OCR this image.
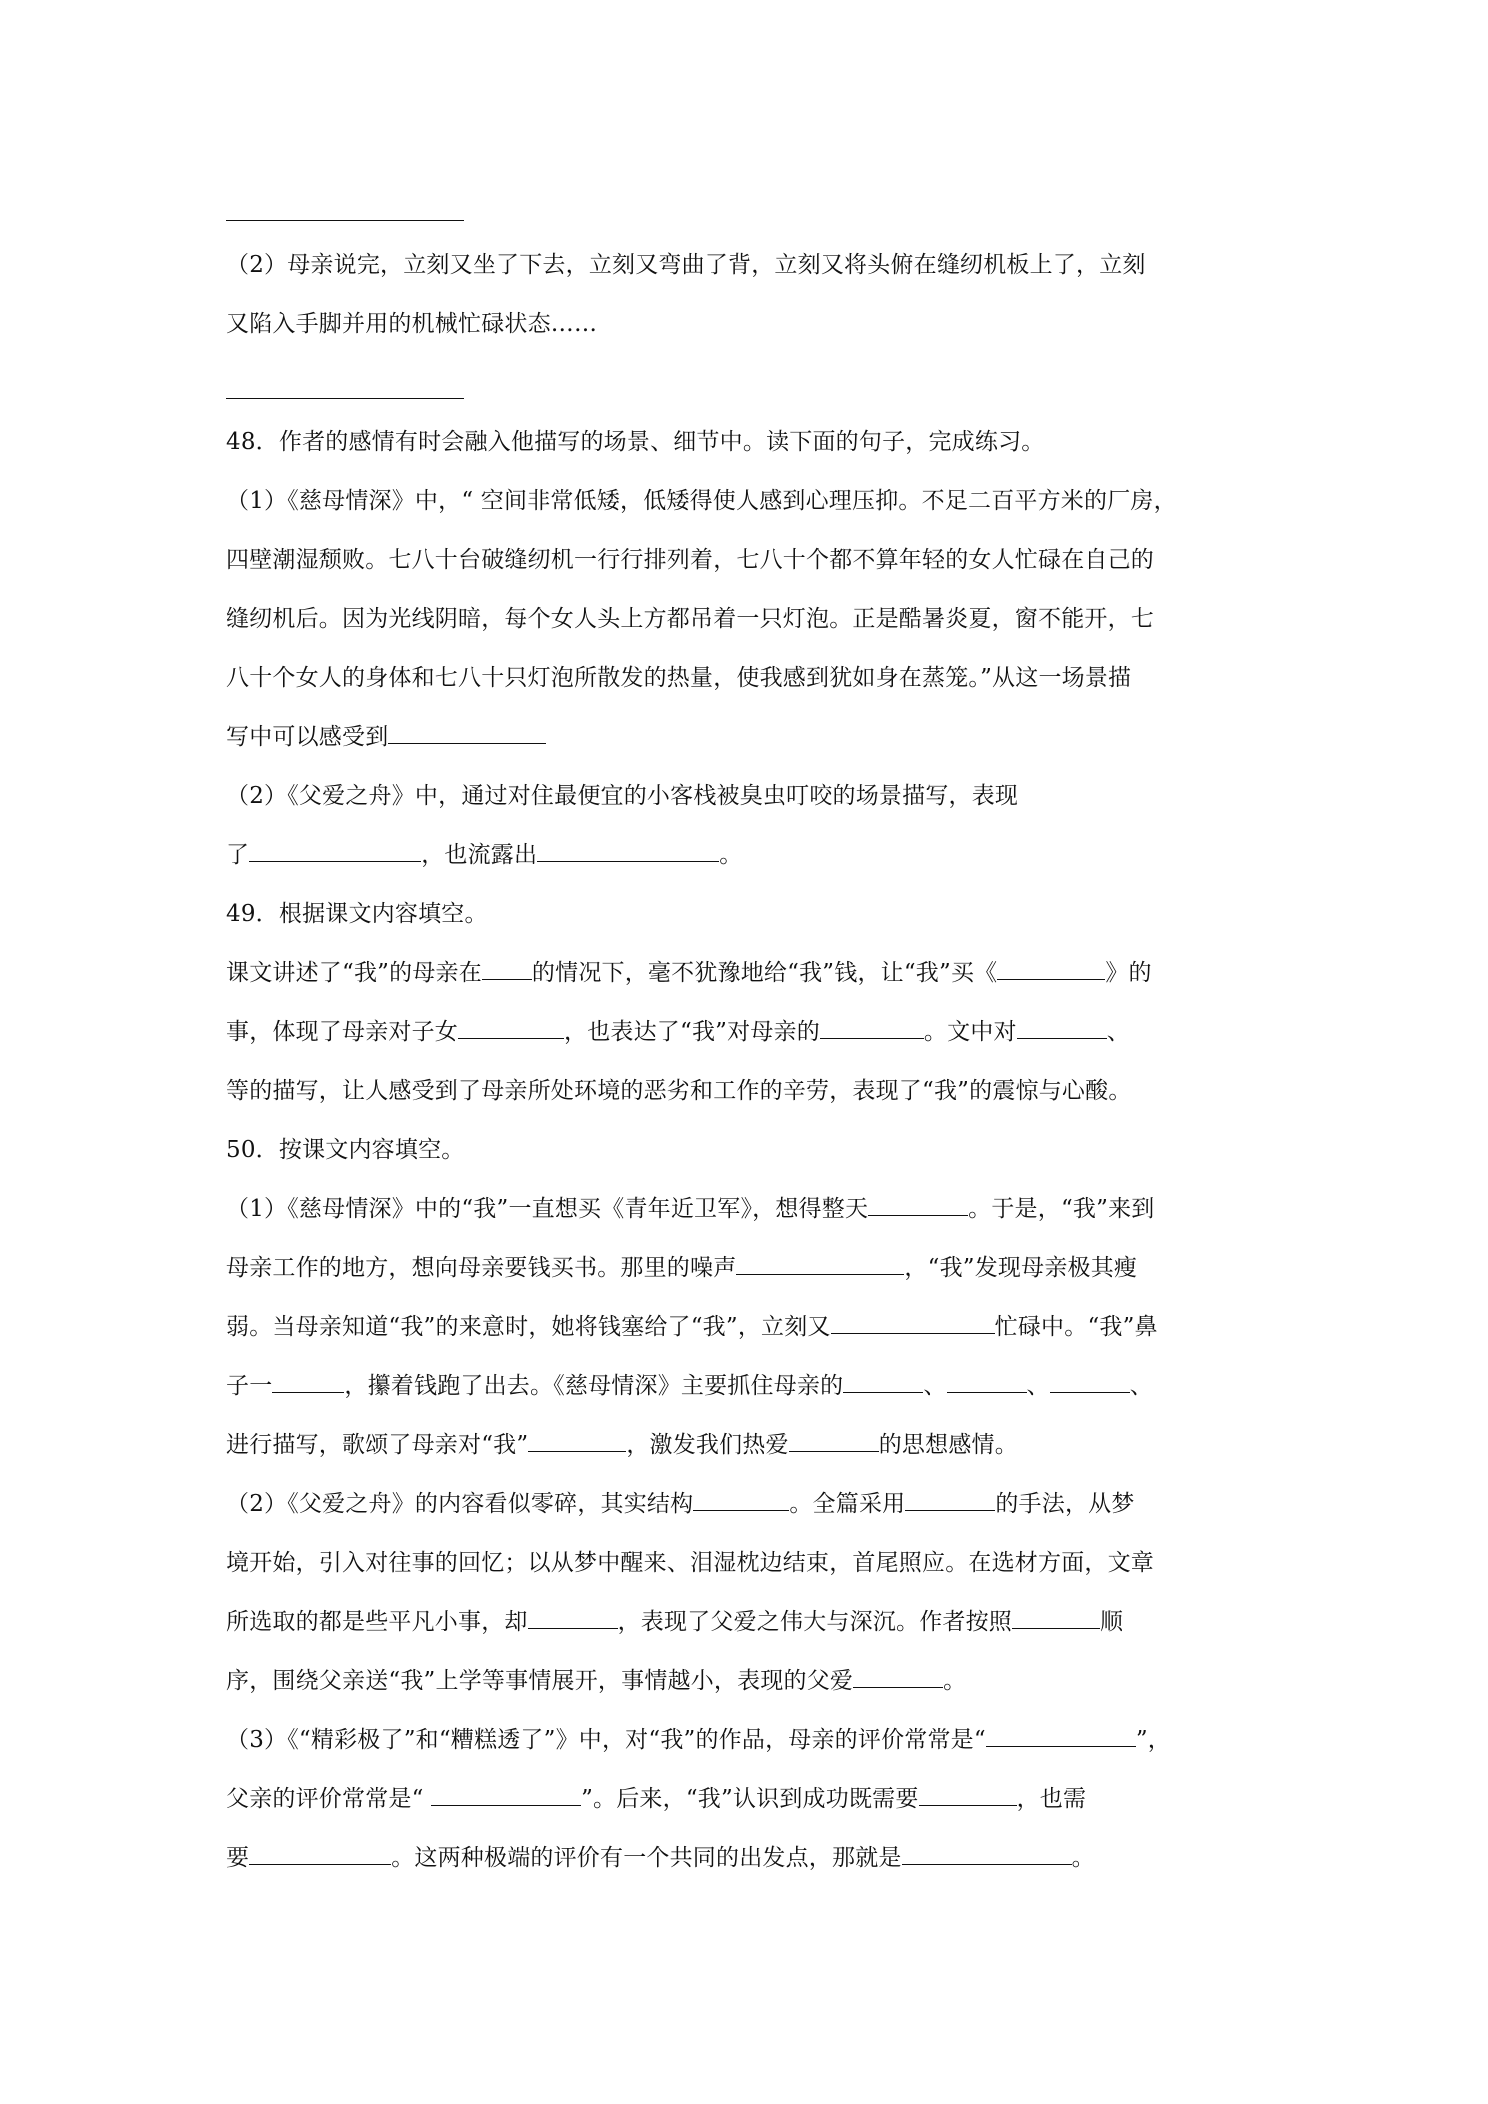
（2）母亲说完，立刻又坐了下去，立刻又弯曲了背，立刻又将头俯在缝纫机板上了，立刻
又陷入手脚并用的机械忙碌状态……
48．作者的感情有时会融入他描写的场景、细节中。读下面的句子，完成练习。
（1）《慈母情深》中，“ 空间非常低矮，低矮得使人感到心理压抑。不足二百平方米的厂房，
四壁潮湿颓败。七八十台破缝纫机一行行排列着，七八十个都不算年轻的女人忙碌在自己的
缝纫机后。因为光线阴暗，每个女人头上方都吊着一只灯泡。正是酷暑炎夏，窗不能开，七
八十个女人的身体和七八十只灯泡所散发的热量，使我感到犹如身在蒸笼。”从这一场景描
写中可以感受到
（2）《父爱之舟》中，通过对住最便宜的小客栈被臭虫叮咬的场景描写，表现
了	，也流露出	。
49．根据课文内容填空。
课文讲述了“我”的母亲在 的情况下，毫不犹豫地给“我”钱，让“我”买《	》的
事，体现了母亲对子女	，也表达了“我”对母亲的	。文中对	、
等的描写，让人感受到了母亲所处环境的恶劣和工作的辛劳，表现了“我”的震惊与心酸。
50．按课文内容填空。
（1）《慈母情深》中的“我”一直想买《青年近卫军》，想得整天	。于是，“我”来到
母亲工作的地方，想向母亲要钱买书。那里的噪声	，“我”发现母亲极其瘦
弱。当母亲知道“我”的来意时，她将钱塞给了“我”，立刻又	忙碌中。“我”鼻
子一	，攥着钱跑了出去。《慈母情深》主要抓住母亲的	、	、	、
进行描写，歌颂了母亲对“我”	，激发我们热爱	的思想感情。
（2）《父爱之舟》的内容看似零碎，其实结构	。全篇采用	的手法，从梦
境开始，引入对往事的回忆；以从梦中醒来、泪湿枕边结束，首尾照应。在选材方面，文章
所选取的都是些平凡小事，却	，表现了父爱之伟大与深沉。作者按照	顺
序，围绕父亲送“我”上学等事情展开，事情越小，表现的父爱	。
（3）《“精彩极了”和“糟糕透了”》中，对“我”的作品，母亲的评价常常是“	”，
父亲的评价常常是“	”。后来，“我”认识到成功既需要	，也需
要	。这两种极端的评价有一个共同的出发点，那就是	。
